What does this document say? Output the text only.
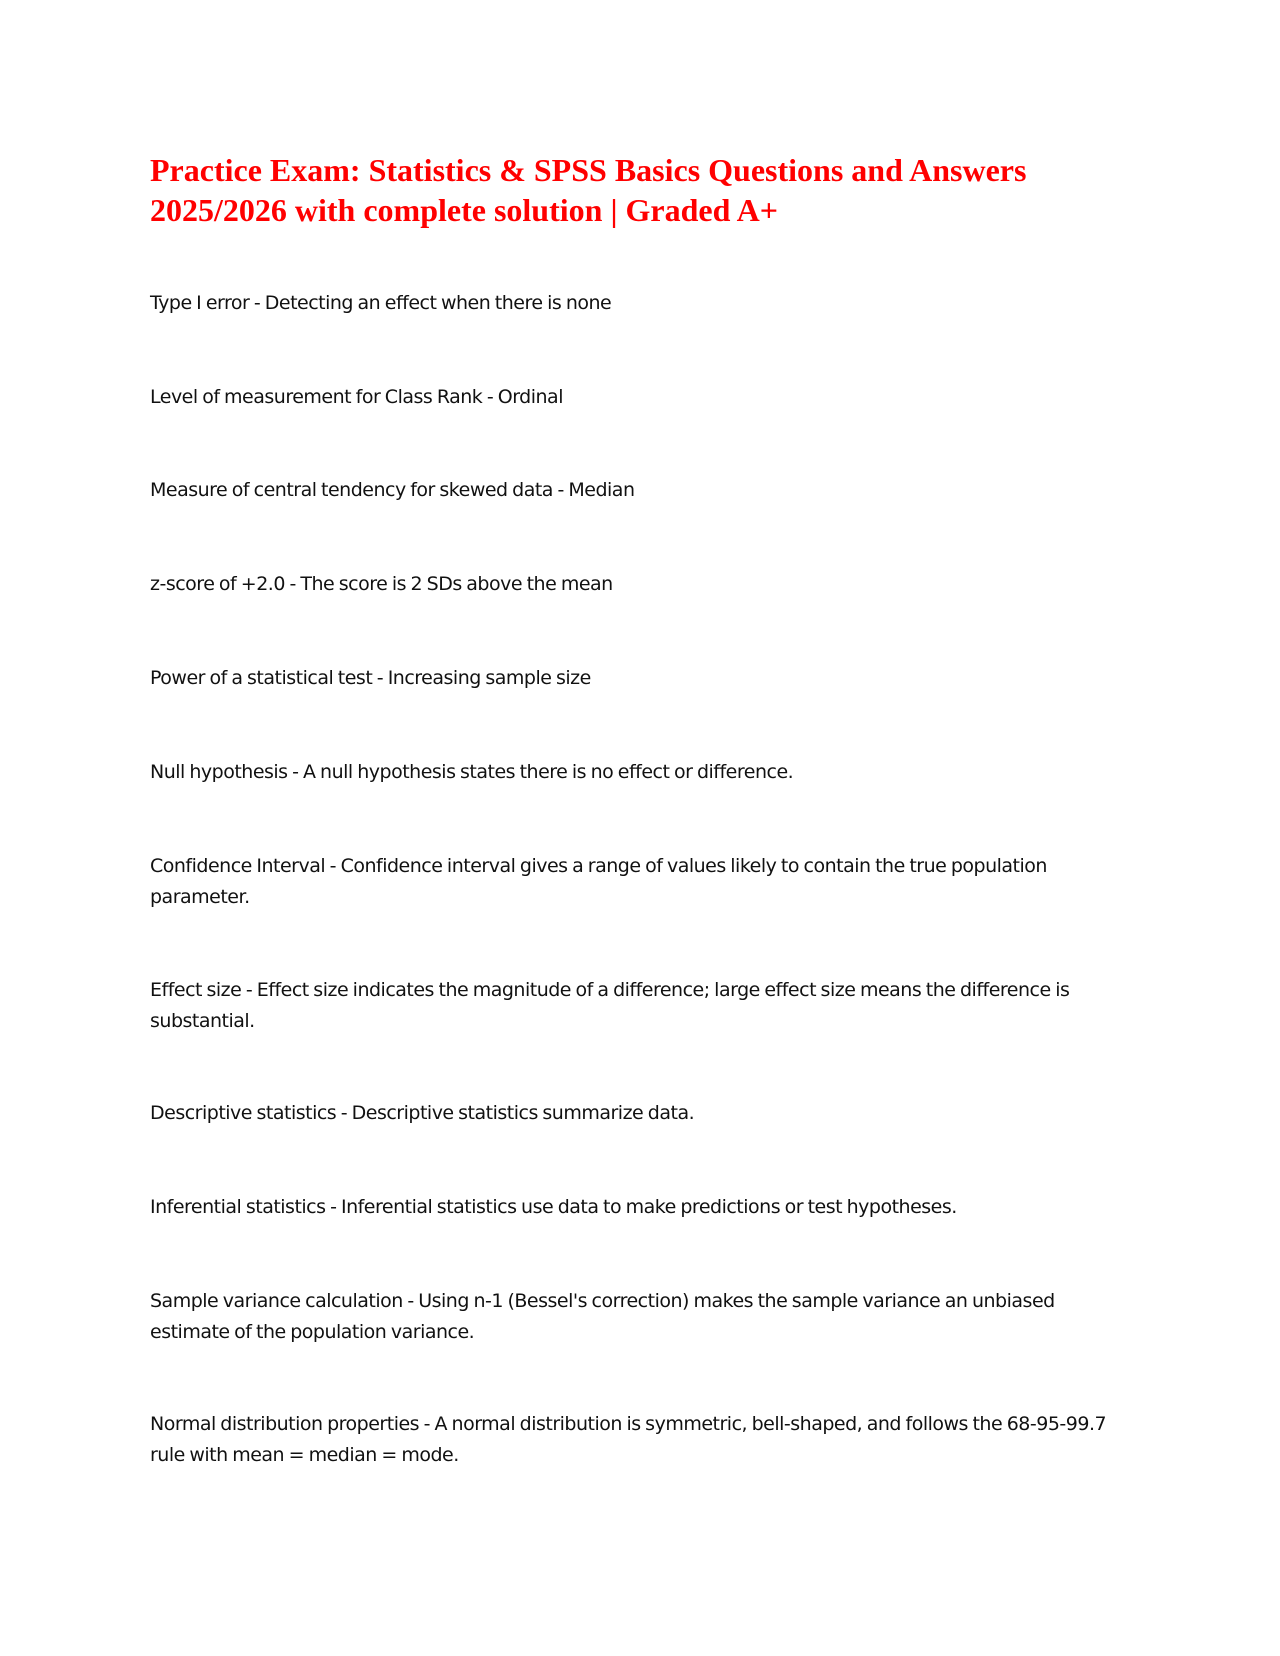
Practice Exam: Statistics & SPSS Basics Questions and Answers 2025/2026 with complete solution | Graded A+

Type I error - Detecting an effect when there is none

Level of measurement for Class Rank - Ordinal

Measure of central tendency for skewed data - Median

z-score of +2.0 - The score is 2 SDs above the mean

Power of a statistical test - Increasing sample size

Null hypothesis - A null hypothesis states there is no effect or difference.

Confidence Interval - Confidence interval gives a range of values likely to contain the true population parameter.

Effect size - Effect size indicates the magnitude of a difference; large effect size means the difference is substantial.

Descriptive statistics - Descriptive statistics summarize data.

Inferential statistics - Inferential statistics use data to make predictions or test hypotheses.

Sample variance calculation - Using n-1 (Bessel's correction) makes the sample variance an unbiased estimate of the population variance.

Normal distribution properties - A normal distribution is symmetric, bell-shaped, and follows the 68-95-99.7 rule with mean = median = mode.
